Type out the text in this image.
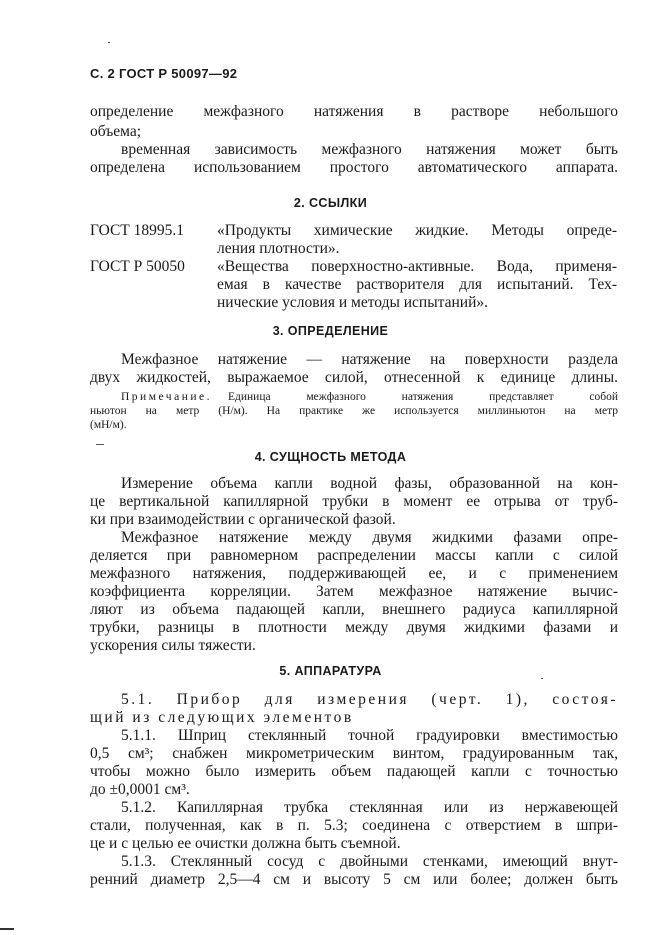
С. 2 ГОСТ Р 50097—92
определение межфазного натяжения в растворе небольшого
объема;
временная зависимость межфазного натяжения может быть
определена использованием простого автоматического аппарата.
2. ССЫЛКИ
ГОСТ 18995.1 «Продукты химические жидкие. Методы опреде-
ления плотности».
ГОСТ Р 50050 «Вещества поверхностно-активные. Вода, применя-
емая в качестве растворителя для испытаний. Тех-
нические условия и методы испытаний».
3. ОПРЕДЕЛЕНИЕ
Межфазное натяжение — натяжение на поверхности раздела
двух жидкостей, выражаемое силой, отнесенной к единице длины.
Примечание. Единица межфазного натяжения представляет собой
ньютон на метр (Н/м). На практике же используется миллиньютон на метр
(мН/м).
4. СУЩНОСТЬ МЕТОДА
Измерение объема капли водной фазы, образованной на кон-
це вертикальной капиллярной трубки в момент ее отрыва от труб-
ки при взаимодействии с органической фазой.
Межфазное натяжение между двумя жидкими фазами опре-
деляется при равномерном распределении массы капли с силой
межфазного натяжения, поддерживающей ее, и с применением
коэффициента корреляции. Затем межфазное натяжение вычис-
ляют из объема падающей капли, внешнего радиуса капиллярной
трубки, разницы в плотности между двумя жидкими фазами и
ускорения силы тяжести.
5. АППАРАТУРА
5.1. Прибор для измерения (черт. 1), состоя-
щий из следующих элементов
5.1.1. Шприц стеклянный точной градуировки вместимостью
0,5 см³; снабжен микрометрическим винтом, градуированным так,
чтобы можно было измерить объем падающей капли с точностью
до ±0,0001 см³.
5.1.2. Капиллярная трубка стеклянная или из нержавеющей
стали, полученная, как в п. 5.3; соединена с отверстием в шпри-
це и с целью ее очистки должна быть съемной.
5.1.3. Стеклянный сосуд с двойными стенками, имеющий внут-
ренний диаметр 2,5—4 см и высоту 5 см или более; должен быть
